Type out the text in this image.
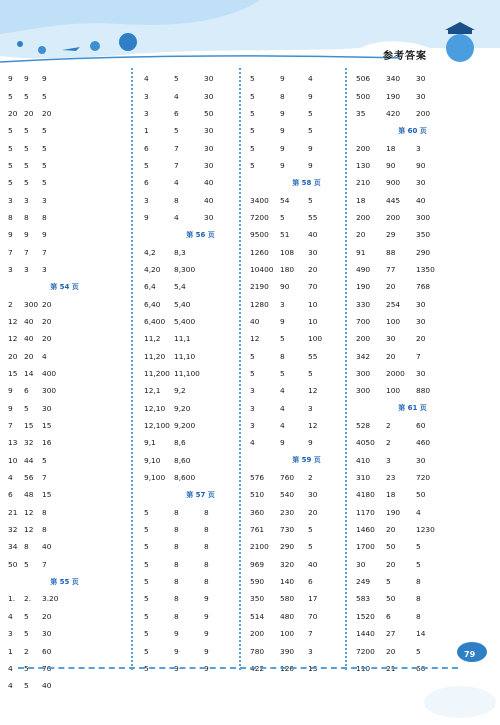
参考答案
9	9	9
5	5	5
20 20	20
5	5	5
5	5	5
5	5	5
5	5	5
3	3	3
8	8	8
9	9	9
7	7	7
3	3	3
第 54 页
2	300 20
12 40	20
12 40	20
20 20	4
15 14	400
9	6	300
9	5	30
7	15	15
13 32	16
10 44	5
4	56	7
6	48	15
21 12	8
32 12	8
34 8	40
50 5	7
第 55 页
1.	2.	3.20
4	5	20
3	5	30
1	2	60
4	5	70
4	5	40
4	5	30
3	4	30
3	6	50
1	5	30
6	7	30
5	7	30
6	4	40
3	8	40
9	4	30
第 56 页
4,2	8,3
4,20	8,300
6,4	5,4
6,40	5,40
6,400	5,400
11,2	11,1
11,20	11,10
11,200 11,100
12,1	9,2
12,10	9,20
12,100 9,200
9,1	8,6
9,10	8,60
9,100	8,600
第 57 页
5	8	8
5	8	8
5	8	8
5	8	8
5	8	8
5	8	9
5	8	9
5	9	9
5	9	9
5	9	9
5	9	4
5	8	9
5	9	5
5	9	5
5	9	9
5	9	9
第 58 页
3400	54	5
7200	5	55
9500	51	40
1260	108	30
10400 180	20
2190	90	70
1280	3	10
40	9	10
12	5	100
5	8	55
5	5	5
3	4	12
3	4	3
3	4	12
4	9	9
第 59 页
576	760	2
510	540	30
360	230	20
761	730	5
2100	290	5
969	320	40
590	140	6
350	580	17
514	480	70
200	100	7
780	390	3
422	120	13
506	340	30
500	190	30
35	420	200
第 60 页
200	18	3
130	90	90
210	900	30
18	445	40
200	200	300
20	29	350
91	88	290
490	77	1350
190	20	768
330	254	30
700	100	30
200	30	20
342	20	7
300	2000	30
300	100	880
第 61 页
528	2	60
4050	2	460
410	3	30
310	23	720
4180	18	50
1170	190	4
1460	20	1230
1700	50	5
30	20	5
249	5	8
583	50	8
1520	6	8
1440	27	14
7200	20	5
110	21	60
79
